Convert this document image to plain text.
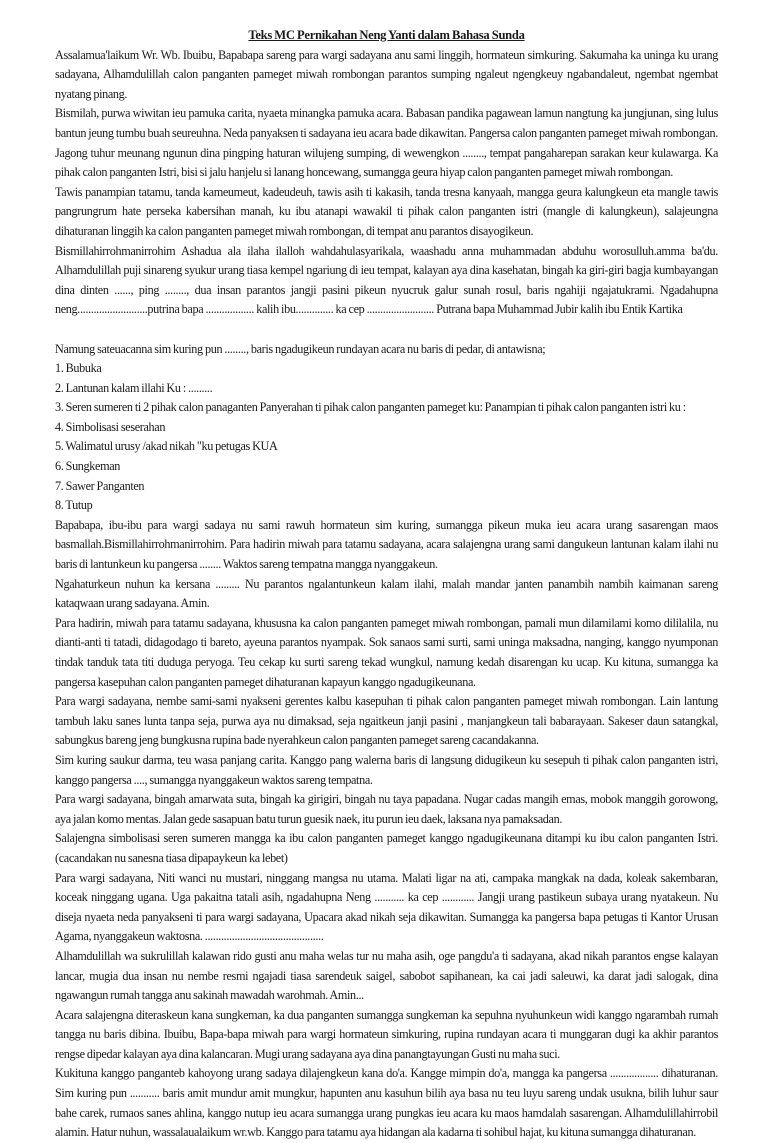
Teks MC Pernikahan Neng Yanti dalam Bahasa Sunda

Assalamua'laikum Wr. Wb. Ibuibu, Bapabapa sareng para wargi sadayana anu sami linggih, hormateun simkuring. Sakumaha ka uninga ku urang sadayana, Alhamdulillah calon panganten pameget miwah rombongan parantos sumping ngaleut ngengkeuy ngabandaleut, ngembat ngembat nyatang pinang.

Bismilah, purwa wiwitan ieu pamuka carita, nyaeta minangka pamuka acara. Babasan pandika pagawean lamun nangtung ka jungjunan, sing lulus bantun jeung tumbu buah seureuhna. Neda panyaksen ti sadayana ieu acara bade dikawitan. Pangersa calon panganten pameget miwah rombongan. Jagong tuhur meunang ngunun dina pingping haturan wilujeng sumping, di wewengkon ........, tempat pangaharepan sarakan keur kulawarga. Ka pihak calon panganten Istri, bisi si jalu hanjelu si lanang honcewang, sumangga geura hiyap calon panganten pameget miwah rombongan.

Tawis panampian tatamu, tanda kameumeut, kadeudeuh, tawis asih ti kakasih, tanda tresna kanyaah, mangga geura kalungkeun eta mangle tawis pangrungrum hate perseka kabersihan manah, ku ibu atanapi wawakil ti pihak calon panganten istri (mangle di kalungkeun), salajeungna dihaturanan linggih ka calon panganten pameget miwah rombongan, di tempat anu parantos disayogikeun.

Bismillahirrohmanirrohim Ashadua ala ilaha ilalloh wahdahulasyarikala, waashadu anna muhammadan abduhu worosulluh.amma ba'du. Alhamdulillah puji sinareng syukur urang tiasa kempel ngariung di ieu tempat, kalayan aya dina kasehatan, bingah ka giri-giri bagja kumbayangan dina dinten ......, ping ........, dua insan parantos jangji pasini pikeun nyucruk galur sunah rosul, baris ngahiji ngajatukrami. Ngadahupna neng..........................putrina bapa .................. kalih ibu.............. ka cep ......................... Putrana bapa Muhammad Jubir kalih ibu Entik Kartika

Namung sateuacanna sim kuring pun ........, baris ngadugikeun rundayan acara nu baris di pedar, di antawisna;

1. Bubuka
2. Lantunan kalam illahi Ku : .........
3. Seren sumeren ti 2 pihak calon panaganten Panyerahan ti pihak calon panganten pameget ku: Panampian ti pihak calon panganten istri ku :
4. Simbolisasi seserahan
5. Walimatul urusy /akad nikah "ku petugas KUA
6. Sungkeman
7. Sawer Panganten
8. Tutup

Bapabapa, ibu-ibu para wargi sadaya nu sami rawuh hormateun sim kuring, sumangga pikeun muka ieu acara urang sasarengan maos basmallah.Bismillahirrohmanirrohim. Para hadirin miwah para tatamu sadayana, acara salajengna urang sami dangukeun lantunan kalam ilahi nu baris di lantunkeun ku pangersa ........ Waktos sareng tempatna mangga nyanggakeun.

Ngahaturkeun nuhun ka kersana ......... Nu parantos ngalantunkeun kalam ilahi, malah mandar janten panambih nambih kaimanan sareng kataqwaan urang sadayana. Amin.

Para hadirin, miwah para tatamu sadayana, khususna ka calon panganten pameget miwah rombongan, pamali mun dilamilami komo dililalila, nu dianti-anti ti tatadi, didagodago ti bareto, ayeuna parantos nyampak. Sok sanaos sami surti, sami uninga maksadna, nanging, kanggo nyumponan tindak tanduk tata titi duduga peryoga. Teu cekap ku surti sareng tekad wungkul, namung kedah disarengan ku ucap. Ku kituna, sumangga ka pangersa kasepuhan calon panganten pameget dihaturanan kapayun kanggo ngadugikeunana.

Para wargi sadayana, nembe sami-sami nyakseni gerentes kalbu kasepuhan ti pihak calon panganten pameget miwah rombongan. Lain lantung tambuh laku sanes lunta tanpa seja, purwa aya nu dimaksad, seja ngaitkeun janji pasini , manjangkeun tali babarayaan. Sakeser daun satangkal, sabungkus bareng jeng bungkusna rupina bade nyerahkeun calon panganten pameget sareng cacandakanna.

Sim kuring saukur darma, teu wasa panjang carita. Kanggo pang walerna baris di langsung didugikeun ku sesepuh ti pihak calon panganten istri, kanggo pangersa ...., sumangga nyanggakeun waktos sareng tempatna.

Para wargi sadayana, bingah amarwata suta, bingah ka girigiri, bingah nu taya papadana. Nugar cadas mangih emas, mobok manggih gorowong, aya jalan komo mentas. Jalan gede sasapuan batu turun guesik naek, itu purun ieu daek, laksana nya pamaksadan.

Salajengna simbolisasi seren sumeren mangga ka ibu calon panganten pameget kanggo ngadugikeunana ditampi ku ibu calon panganten Istri. (cacandakan nu sanesna tiasa dipapaykeun ka lebet)

Para wargi sadayana, Niti wanci nu mustari, ninggang mangsa nu utama. Malati ligar na ati, campaka mangkak na dada, koleak sakembaran, koceak ninggang ugana. Uga pakaitna tatali asih, ngadahupna Neng ........... ka cep ............ Jangji urang pastikeun subaya urang nyatakeun. Nu diseja nyaeta neda panyakseni ti para wargi sadayana, Upacara akad nikah seja dikawitan. Sumangga ka pangersa bapa petugas ti Kantor Urusan Agama, nyanggakeun waktosna. ............................................

Alhamdulillah wa sukrulillah kalawan rido gusti anu maha welas tur nu maha asih, oge pangdu'a ti sadayana, akad nikah parantos engse kalayan lancar, mugia dua insan nu nembe resmi ngajadi tiasa sarendeuk saigel, sabobot sapihanean, ka cai jadi saleuwi, ka darat jadi salogak, dina ngawangun rumah tangga anu sakinah mawadah warohmah. Amin...

Acara salajengna diteraskeun kana sungkeman, ka dua panganten sumangga sungkeman ka sepuhna nyuhunkeun widi kanggo ngarambah rumah tangga nu baris dibina. Ibuibu, Bapa-bapa miwah para wargi hormateun simkuring, rupina rundayan acara ti munggaran dugi ka akhir parantos rengse dipedar kalayan aya dina kalancaran. Mugi urang sadayana aya dina panangtayungan Gusti nu maha suci.

Kukituna kanggo panganteb kahoyong urang sadaya dilajengkeun kana do'a. Kangge mimpin do'a, mangga ka pangersa .................. dihaturanan. Sim kuring pun ........... baris amit mundur amit mungkur, hapunten anu kasuhun bilih aya basa nu teu luyu sareng undak usukna, bilih luhur saur bahe carek, rumaos sanes ahlina, kanggo nutup ieu acara sumangga urang pungkas ieu acara ku maos hamdalah sasarengan. Alhamdulillahirrobil alamin. Hatur nuhun, wassalaualaikum wr.wb. Kanggo para tatamu aya hidangan ala kadarna ti sohibul hajat, ku kituna sumangga dihaturanan.
